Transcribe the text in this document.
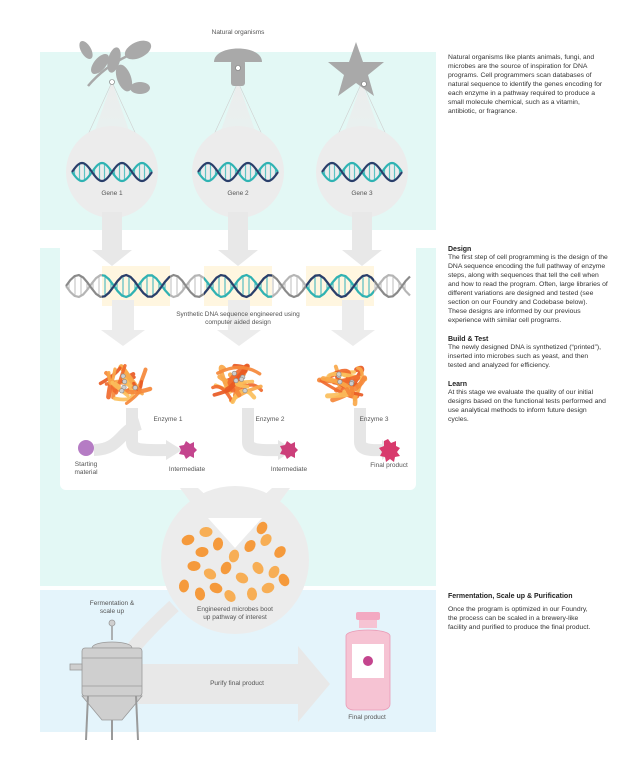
Natural organisms
Gene 1	Gene 2	Gene 3
Synthetic DNA sequence engineered using computer aided design
Enzyme 1	Enzyme 2	Enzyme 3
Starting material	Intermediate	Intermediate
Final product
Fermentation & scale up	Engineered microbes boot up pathway of interest
Purify final product
Final product

Natural organisms like plants animals, fungi, and microbes are the source of inspiration for DNA programs. Cell programmers scan databases of natural sequence to identify the genes encoding for each enzyme in a pathway required to produce a small molecule chemical, such as a vitamin, antibiotic, or fragrance.

Design

The first step of cell programming is the design of the DNA sequence encoding the full pathway of enzyme steps, along with sequences that tell the cell when and how to read the program. Often, large libraries of different variations are designed and tested (see section on our Foundry and Codebase below). These designs are informed by our previous experience with similar cell programs.

Build & Test

The newly designed DNA is synthetized (“printed”), inserted into microbes such as yeast, and then tested and analyzed for efficiency.

Learn

At this stage we evaluate the quality of our initial designs based on the functional tests performed and use analytical methods to inform future design cycles.

Fermentation, Scale up & Purification

Once the program is optimized in our Foundry, the process can be scaled in a brewery-like facility and purified to produce the final product.
